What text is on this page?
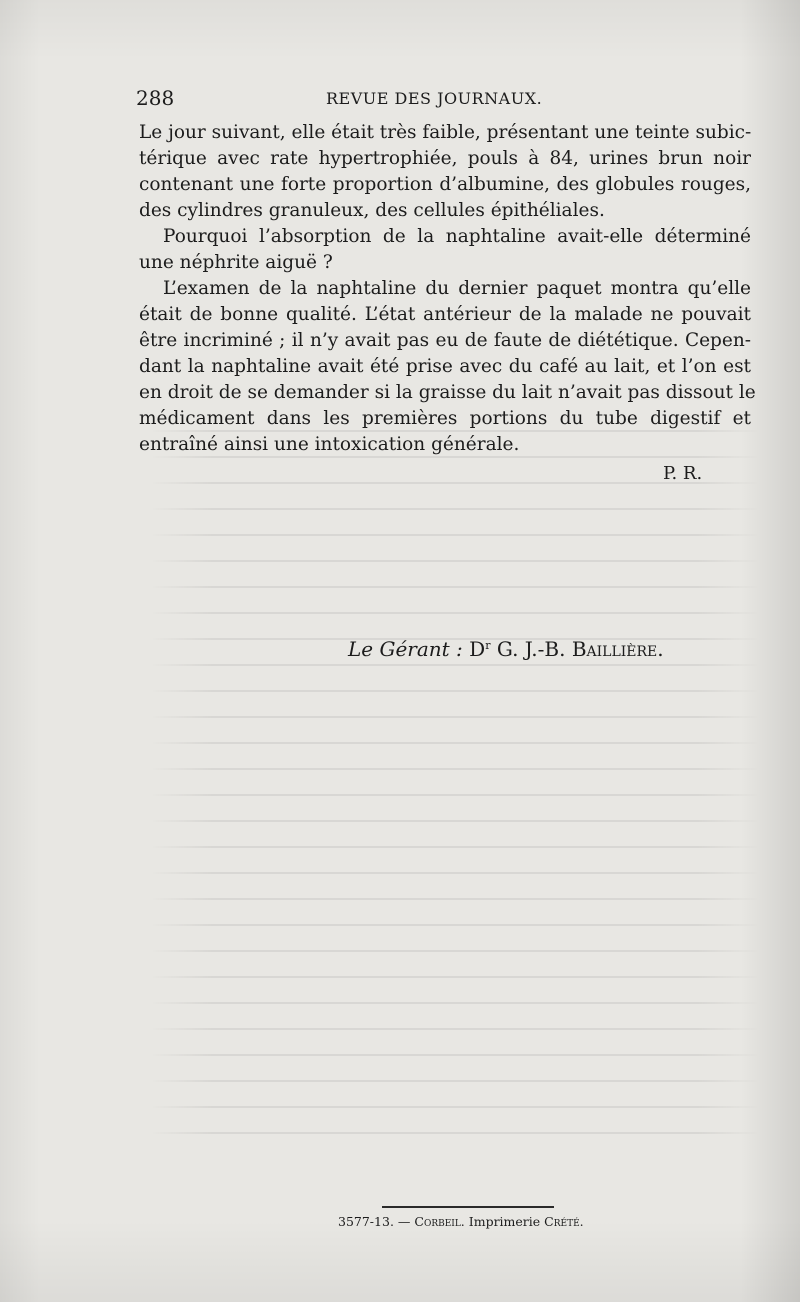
288	REVUE DES JOURNAUX.
Le jour suivant, elle était très faible, présentant une teinte subic-
térique avec rate hypertrophiée, pouls à 84, urines brun noir
contenant une forte proportion d’albumine, des globules rouges,
des cylindres granuleux, des cellules épithéliales.
Pourquoi l’absorption de la naphtaline avait-elle déterminé
une néphrite aiguë ?
L’examen de la naphtaline du dernier paquet montra qu’elle
était de bonne qualité. L’état antérieur de la malade ne pouvait
être incriminé ; il n’y avait pas eu de faute de diététique. Cepen-
dant la naphtaline avait été prise avec du café au lait, et l’on est
en droit de se demander si la graisse du lait n’avait pas dissout le
médicament dans les premières portions du tube digestif et
entraîné ainsi une intoxication générale.
P. R.
Le Gérant : $D^r$ G. J.-B. Baillière.
3577-13. — Corbeil. Imprimerie Crété.
